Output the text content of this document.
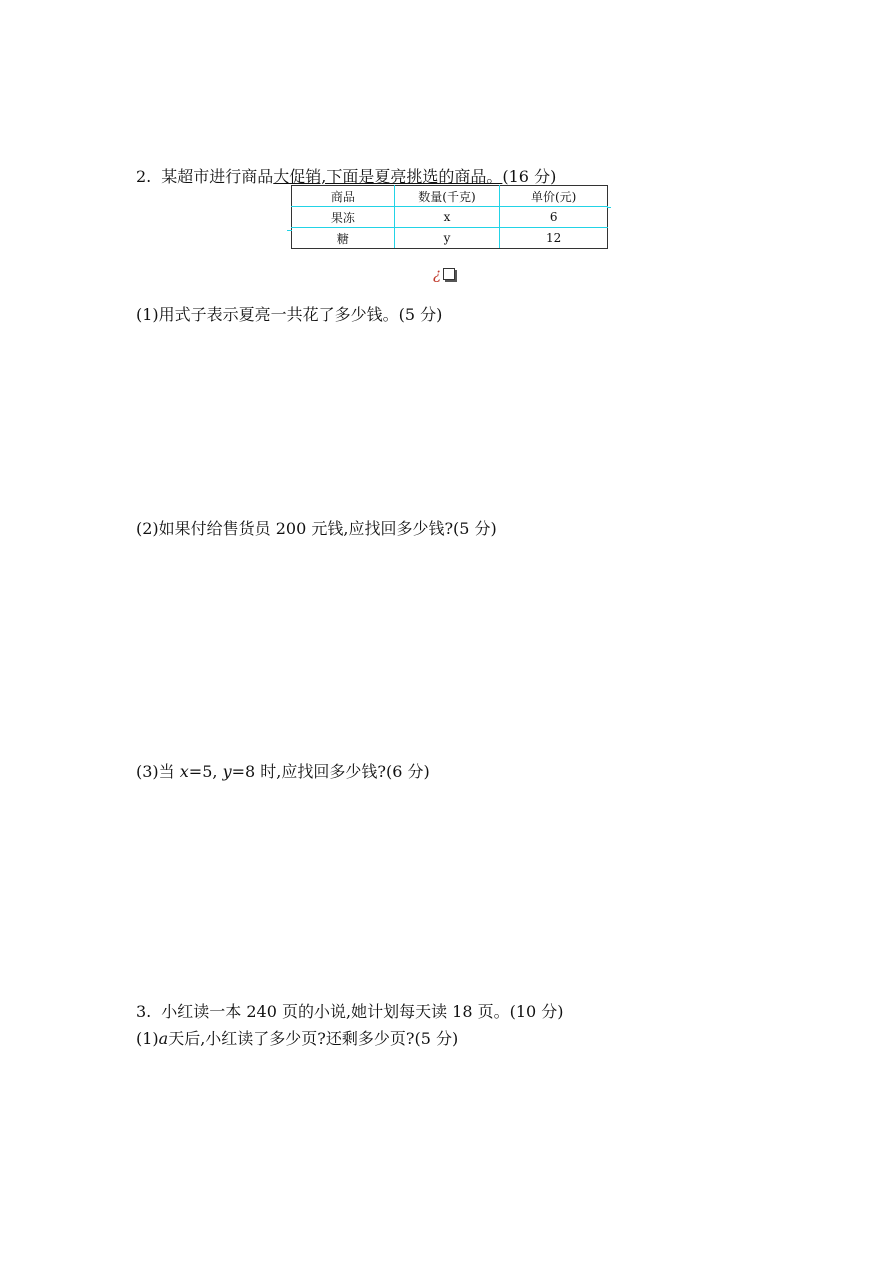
2. 某超市进行商品大促销,下面是夏亮挑选的商品。(16 分)
商品	数量(千克)	单价(元)
果冻	x	6
糖	y	12
¿
(1)用式子表示夏亮一共花了多少钱。(5 分)
(2)如果付给售货员 200 元钱,应找回多少钱?(5 分)
(3)当 x=5, y=8 时,应找回多少钱?(6 分)
3. 小红读一本 240 页的小说,她计划每天读 18 页。(10 分)
(1)a天后,小红读了多少页?还剩多少页?(5 分)
